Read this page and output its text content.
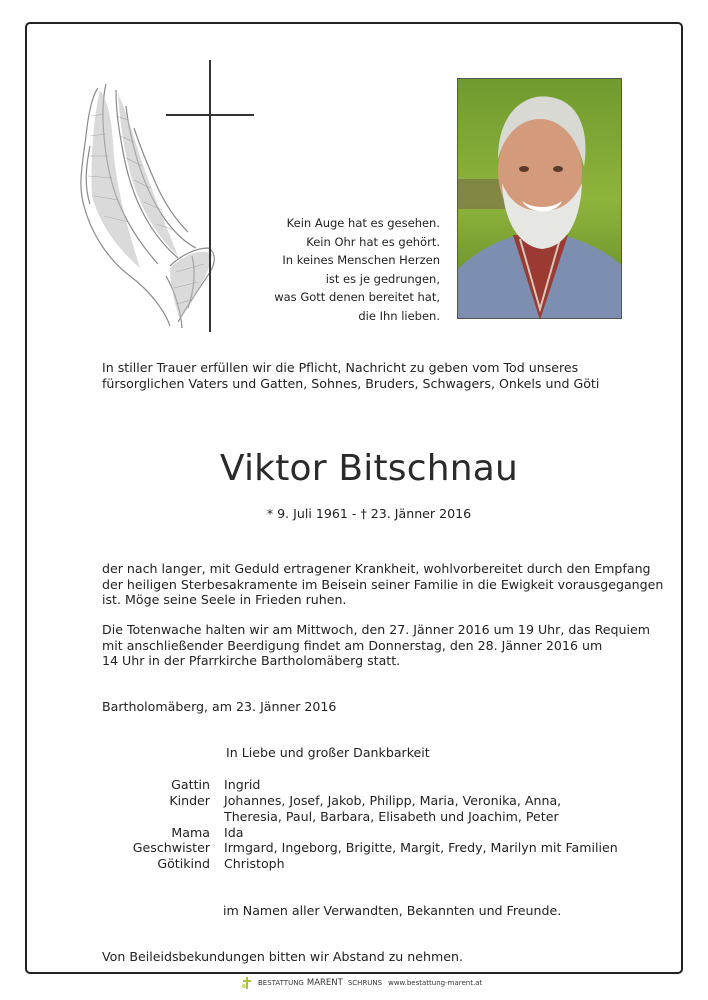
Kein Auge hat es gesehen.
Kein Ohr hat es gehört.
In keines Menschen Herzen
ist es je gedrungen,
was Gott denen bereitet hat,
die Ihn lieben.
In stiller Trauer erfüllen wir die Pflicht, Nachricht zu geben vom Tod unseres
fürsorglichen Vaters und Gatten, Sohnes, Bruders, Schwagers, Onkels und Göti
Viktor Bitschnau
* 9. Juli 1961 - † 23. Jänner 2016
der nach langer, mit Geduld ertragener Krankheit, wohlvorbereitet durch den Empfang
der heiligen Sterbesakramente im Beisein seiner Familie in die Ewigkeit vorausgegangen
ist. Möge seine Seele in Frieden ruhen.
Die Totenwache halten wir am Mittwoch, den 27. Jänner 2016 um 19 Uhr, das Requiem
mit anschließender Beerdigung findet am Donnerstag, den 28. Jänner 2016 um
14 Uhr in der Pfarrkirche Bartholomäberg statt.
Bartholomäberg, am 23. Jänner 2016
In Liebe und großer Dankbarkeit
Gattin Ingrid
Kinder Johannes, Josef, Jakob, Philipp, Maria, Veronika, Anna,
Theresia, Paul, Barbara, Elisabeth und Joachim, Peter
Mama Ida
Geschwister Irmgard, Ingeborg, Brigitte, Margit, Fredy, Marilyn mit Familien
Götikind Christoph
im Namen aller Verwandten, Bekannten und Freunde.
Von Beileidsbekundungen bitten wir Abstand zu nehmen.
BESTATTUNG MARENT SCHRUNS www.bestattung-marent.at
